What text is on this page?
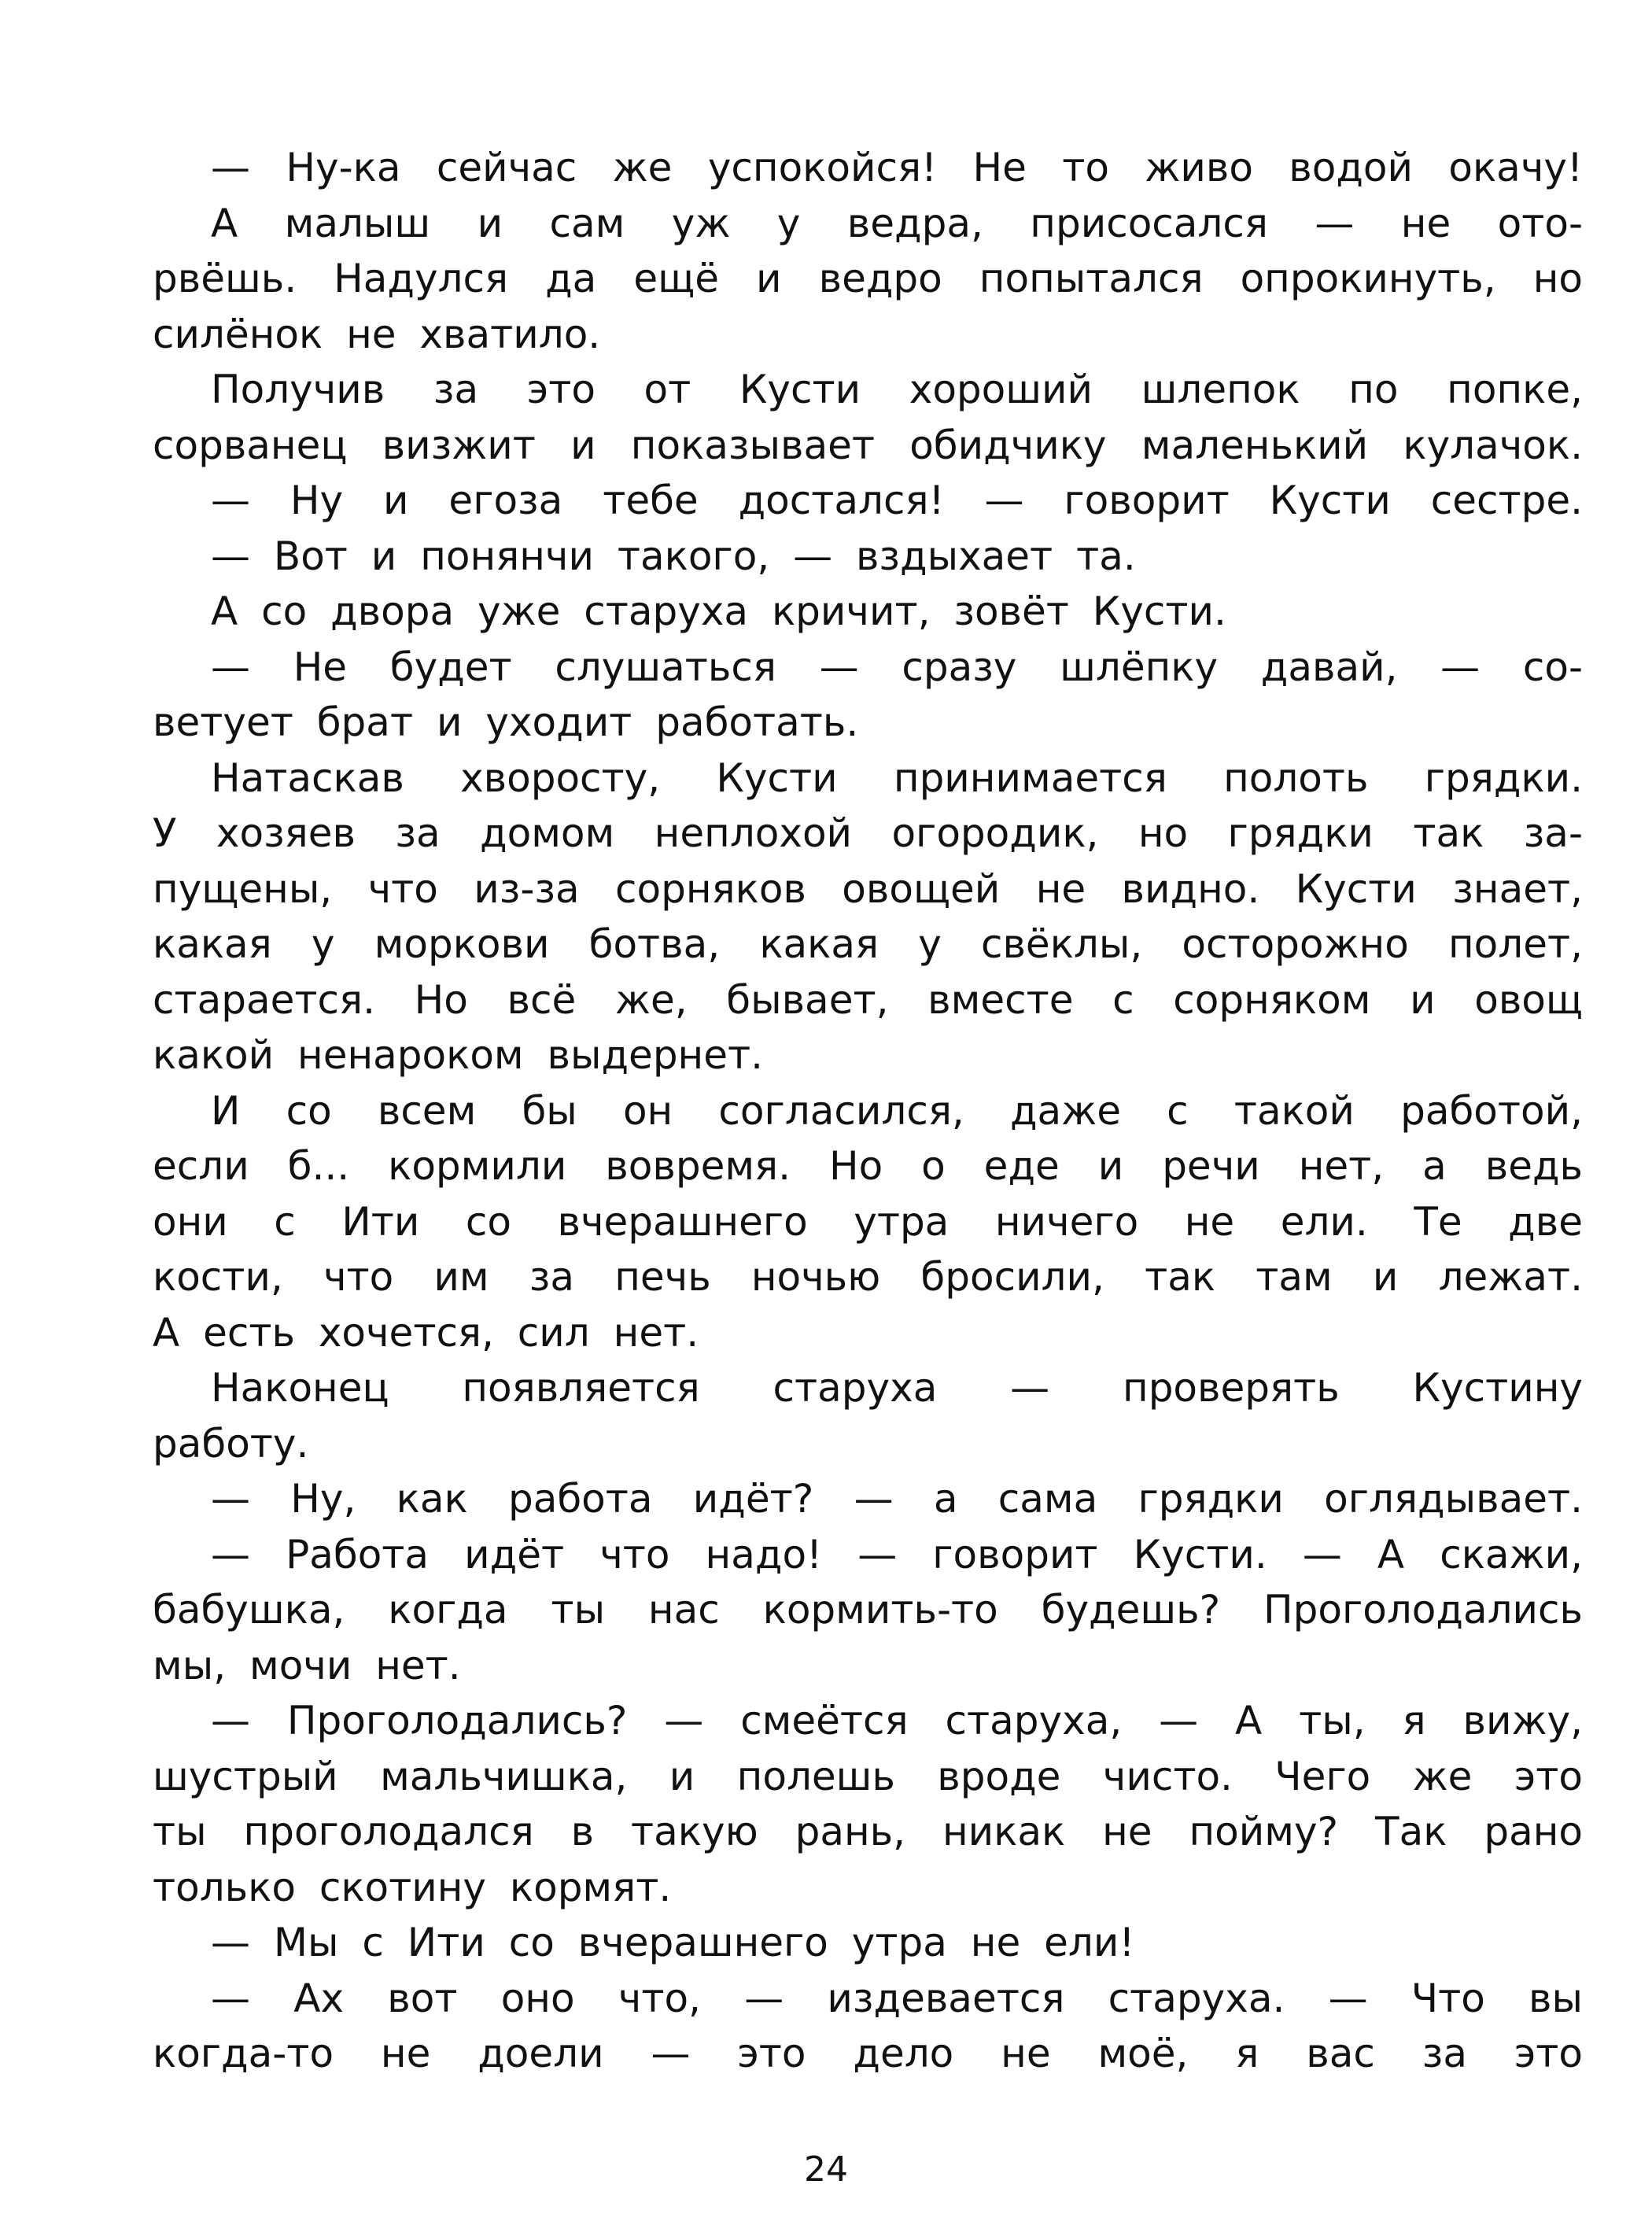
— Ну-ка сейчас же успокойся! Не то живо водой окачу!
А малыш и сам уж у ведра, присосался — не ото-
рвёшь. Надулся да ещё и ведро попытался опрокинуть, но
силёнок не хватило.
Получив за это от Кусти хороший шлепок по попке,
сорванец визжит и показывает обидчику маленький кулачок.
— Ну и егоза тебе достался! — говорит Кусти сестре.
— Вот и понянчи такого, — вздыхает та.
А со двора уже старуха кричит, зовёт Кусти.
— Не будет слушаться — сразу шлёпку давай, — со-
ветует брат и уходит работать.
Натаскав хворосту, Кусти принимается полоть грядки.
У хозяев за домом неплохой огородик, но грядки так за-
пущены, что из-за сорняков овощей не видно. Кусти знает,
какая у моркови ботва, какая у свёклы, осторожно полет,
старается. Но всё же, бывает, вместе с сорняком и овощ
какой ненароком выдернет.
И со всем бы он согласился, даже с такой работой,
если б... кормили вовремя. Но о еде и речи нет, а ведь
они с Ити со вчерашнего утра ничего не ели. Те две
кости, что им за печь ночью бросили, так там и лежат.
А есть хочется, сил нет.
Наконец появляется старуха — проверять Кустину
работу.
— Ну, как работа идёт? — а сама грядки оглядывает.
— Работа идёт что надо! — говорит Кусти. — А скажи,
бабушка, когда ты нас кормить-то будешь? Проголодались
мы, мочи нет.
— Проголодались? — смеётся старуха, — А ты, я вижу,
шустрый мальчишка, и полешь вроде чисто. Чего же это
ты проголодался в такую рань, никак не пойму? Так рано
только скотину кормят.
— Мы с Ити со вчерашнего утра не ели!
— Ах вот оно что, — издевается старуха. — Что вы
когда-то не доели — это дело не моё, я вас за это
24
